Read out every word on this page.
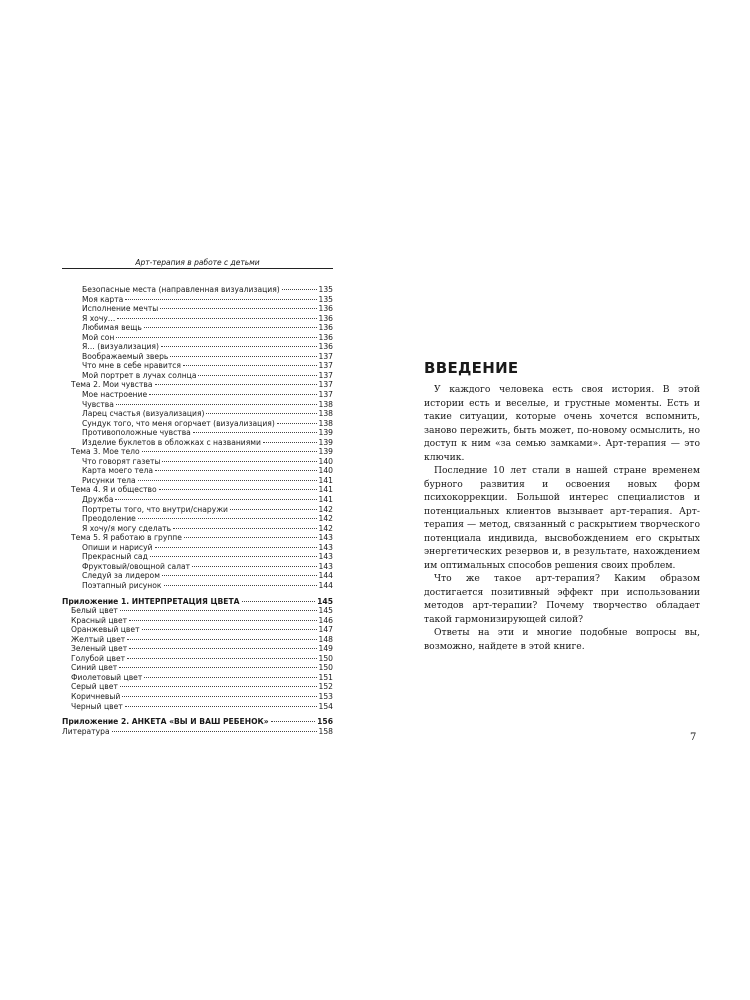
Арт-терапия в работе с детьми
Безопасные места (направленная визуализация)	135
Моя карта	135
Исполнение мечты	136
Я хочу…	136
Любимая вещь	136
Мой сон	136
Я… (визуализация)	136
Воображаемый зверь	137
Что мне в себе нравится	137
Мой портрет в лучах солнца	137
Тема 2. Мои чувства	137
Мое настроение	137
Чувства	138
Ларец счастья (визуализация)	138
Сундук того, что меня огорчает (визуализация)	138
Противоположные чувства	139
Изделие буклетов в обложках с названиями	139
Тема 3. Мое тело	139
Что говорят газеты	140
Карта моего тела	140
Рисунки тела	141
Тема 4. Я и общество	141
Дружба	141
Портреты того, что внутри/снаружи	142
Преодоление	142
Я хочу/я могу сделать	142
Тема 5. Я работаю в группе	143
Опиши и нарисуй	143
Прекрасный сад	143
Фруктовый/овощной салат	143
Следуй за лидером	144
Поэтапный рисунок	144
Приложение 1. ИНТЕРПРЕТАЦИЯ ЦВЕТА	145
Белый цвет	145
Красный цвет	146
Оранжевый цвет	147
Желтый цвет	148
Зеленый цвет	149
Голубой цвет	150
Синий цвет	150
Фиолетовый цвет	151
Серый цвет	152
Коричневый	153
Черный цвет	154
Приложение 2. АНКЕТА «ВЫ И ВАШ РЕБЕНОК»	156
Литература	158
ВВЕДЕНИЕ

У каждого человека есть своя история. В этой истории есть и веселые, и грустные моменты. Есть и такие ситуации, которые очень хочется вспомнить, заново пережить, быть может, по-новому осмыслить, но доступ к ним «за семью замками». Арт-терапия — это ключик.

Последние 10 лет стали в нашей стране временем бурного развития и освоения новых форм психокоррекции. Большой интерес специалистов и потенциальных клиентов вызывает арт-терапия. Арт-терапия — метод, связанный с раскрытием творческого потенциала индивида, высвобождением его скрытых энергетических резервов и, в результате, нахождением им оптимальных способов решения своих проблем.

Что же такое арт-терапия? Каким образом достигается позитивный эффект при использовании методов арт-терапии? Почему творчество обладает такой гармонизирующей силой?

Ответы на эти и многие подобные вопросы вы, возможно, найдете в этой книге.

7
